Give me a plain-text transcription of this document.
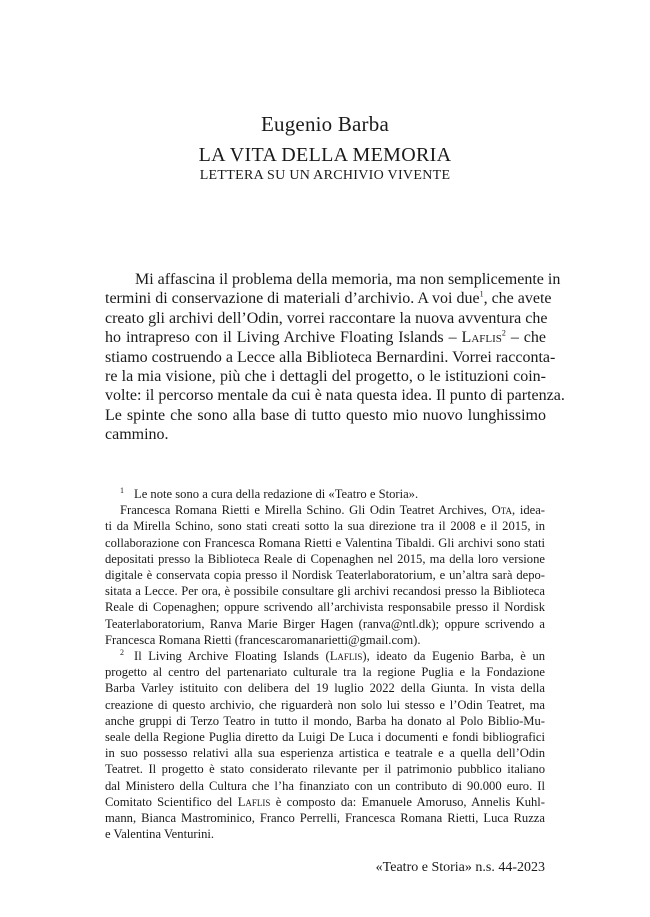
Eugenio Barba
LA VITA DELLA MEMORIA
LETTERA SU UN ARCHIVIO VIVENTE
Mi affascina il problema della memoria, ma non semplicemente in
termini di conservazione di materiali d’archivio. A voi due$^1$, che avete
creato gli archivi dell’Odin, vorrei raccontare la nuova avventura che
ho intrapreso con il Living Archive Floating Islands – Laflis$^2$ – che
stiamo costruendo a Lecce alla Biblioteca Bernardini. Vorrei racconta-
re la mia visione, più che i dettagli del progetto, o le istituzioni coin-
volte: il percorso mentale da cui è nata questa idea. Il punto di partenza.
Le spinte che sono alla base di tutto questo mio nuovo lunghissimo
cammino.
1 Le note sono a cura della redazione di «Teatro e Storia».
Francesca Romana Rietti e Mirella Schino. Gli Odin Teatret Archives, Ota, idea-
ti da Mirella Schino, sono stati creati sotto la sua direzione tra il 2008 e il 2015, in
collaborazione con Francesca Romana Rietti e Valentina Tibaldi. Gli archivi sono stati
depositati presso la Biblioteca Reale di Copenaghen nel 2015, ma della loro versione
digitale è conservata copia presso il Nordisk Teaterlaboratorium, e un’altra sarà depo-
sitata a Lecce. Per ora, è possibile consultare gli archivi recandosi presso la Biblioteca
Reale di Copenaghen; oppure scrivendo all’archivista responsabile presso il Nordisk
Teaterlaboratorium, Ranva Marie Birger Hagen (ranva@ntl.dk); oppure scrivendo a
Francesca Romana Rietti (francescaromanarietti@gmail.com).
2 Il Living Archive Floating Islands (Laflis), ideato da Eugenio Barba, è un
progetto al centro del partenariato culturale tra la regione Puglia e la Fondazione
Barba Varley istituito con delibera del 19 luglio 2022 della Giunta. In vista della
creazione di questo archivio, che riguarderà non solo lui stesso e l’Odin Teatret, ma
anche gruppi di Terzo Teatro in tutto il mondo, Barba ha donato al Polo Biblio-Mu-
seale della Regione Puglia diretto da Luigi De Luca i documenti e fondi bibliografici
in suo possesso relativi alla sua esperienza artistica e teatrale e a quella dell’Odin
Teatret. Il progetto è stato considerato rilevante per il patrimonio pubblico italiano
dal Ministero della Cultura che l’ha finanziato con un contributo di 90.000 euro. Il
Comitato Scientifico del Laflis è composto da: Emanuele Amoruso, Annelis Kuhl-
mann, Bianca Mastrominico, Franco Perrelli, Francesca Romana Rietti, Luca Ruzza
e Valentina Venturini.
«Teatro e Storia» n.s. 44-2023
